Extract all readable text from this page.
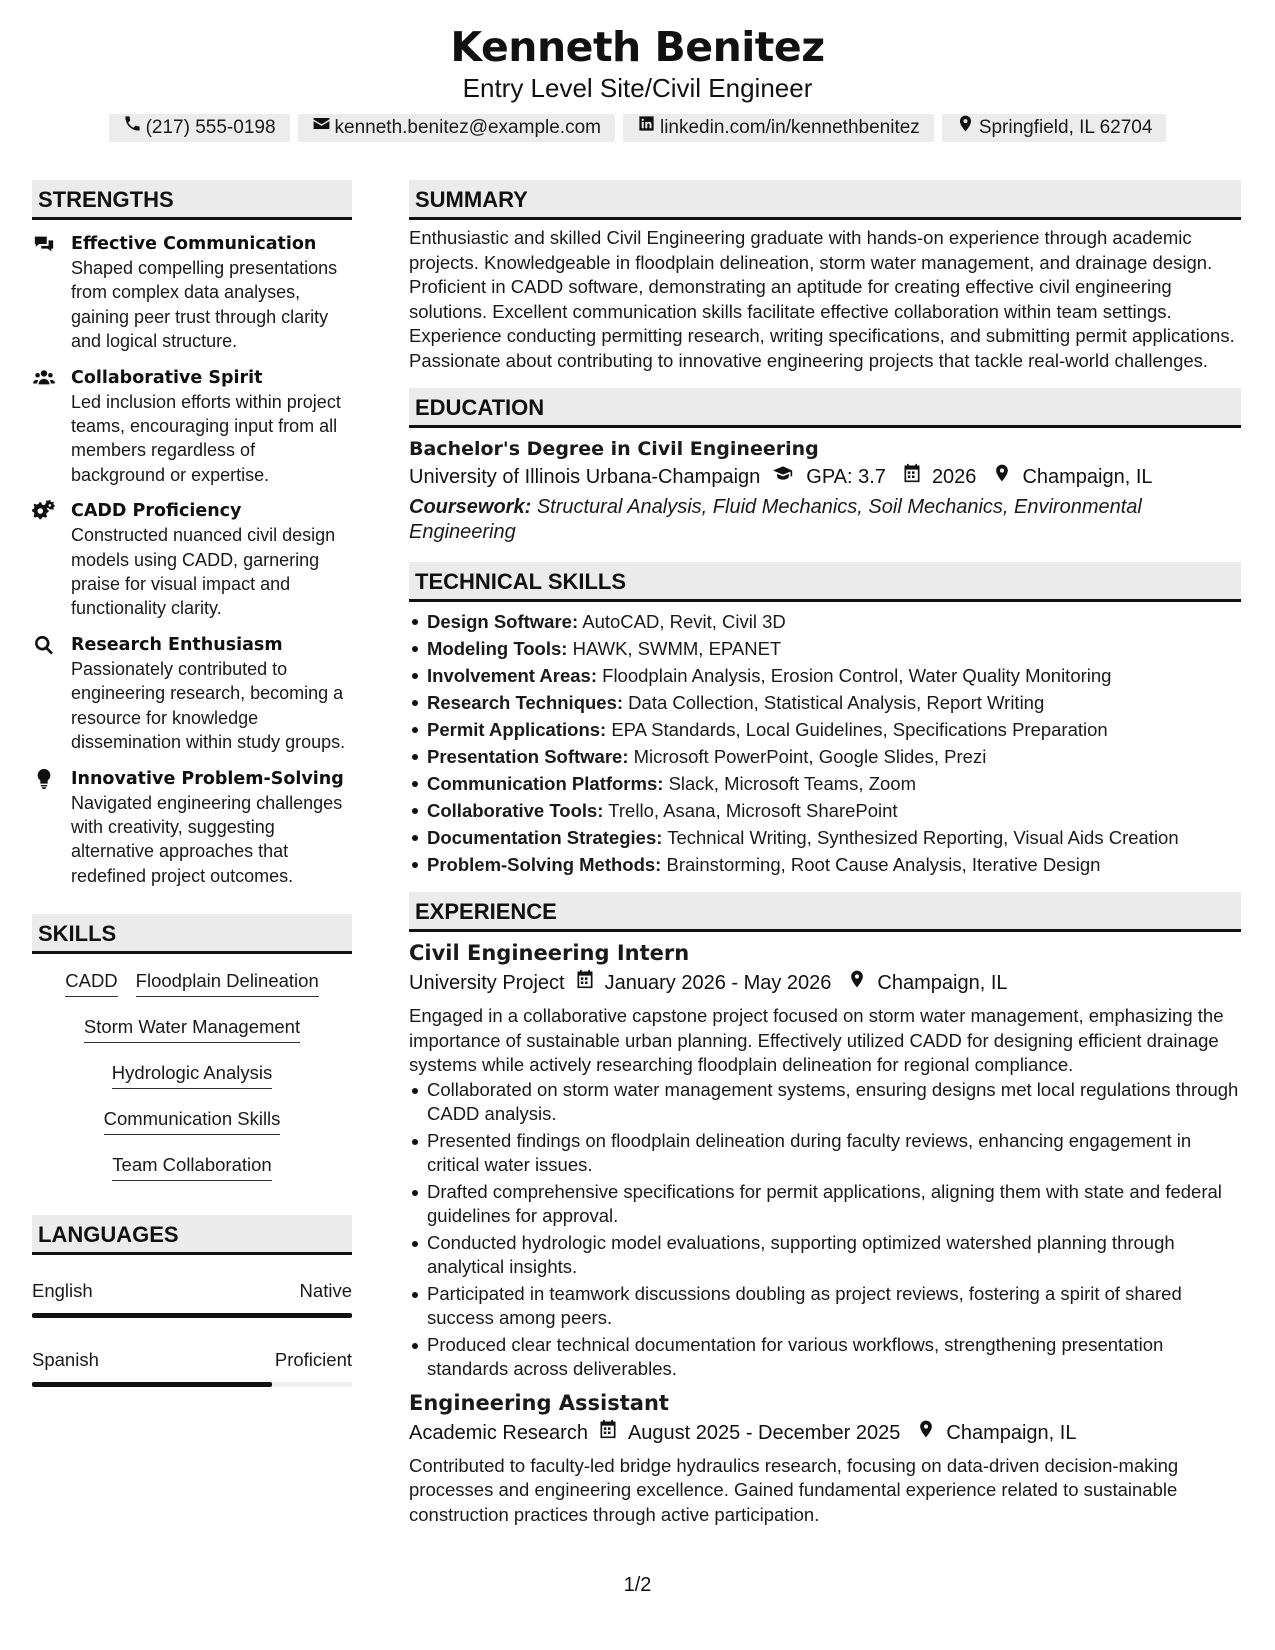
Kenneth Benitez
Entry Level Site/Civil Engineer
(217) 555-0198	kenneth.benitez@example.com	linkedin.com/in/kennethbenitez	Springfield, IL 62704
STRENGTHS
Effective Communication
Shaped compelling presentations from complex data analyses, gaining peer trust through clarity and logical structure.
Collaborative Spirit
Led inclusion efforts within project teams, encouraging input from all members regardless of background or expertise.
CADD Proficiency
Constructed nuanced civil design models using CADD, garnering praise for visual impact and functionality clarity.
Research Enthusiasm
Passionately contributed to engineering research, becoming a resource for knowledge dissemination within study groups.
Innovative Problem-Solving
Navigated engineering challenges with creativity, suggesting alternative approaches that redefined project outcomes.
SKILLS
CADD Floodplain Delineation
Storm Water Management
Hydrologic Analysis
Communication Skills
Team Collaboration
LANGUAGES
English	Native
Spanish	Proficient
SUMMARY
Enthusiastic and skilled Civil Engineering graduate with hands-on experience through academic projects. Knowledgeable in floodplain delineation, storm water management, and drainage design. Proficient in CADD software, demonstrating an aptitude for creating effective civil engineering solutions. Excellent communication skills facilitate effective collaboration within team settings. Experience conducting permitting research, writing specifications, and submitting permit applications. Passionate about contributing to innovative engineering projects that tackle real-world challenges.
EDUCATION
Bachelor's Degree in Civil Engineering
University of Illinois Urbana-Champaign GPA: 3.7 2026 Champaign, IL
Coursework: Structural Analysis, Fluid Mechanics, Soil Mechanics, Environmental Engineering
TECHNICAL SKILLS
Design Software: AutoCAD, Revit, Civil 3D
Modeling Tools: HAWK, SWMM, EPANET
Involvement Areas: Floodplain Analysis, Erosion Control, Water Quality Monitoring
Research Techniques: Data Collection, Statistical Analysis, Report Writing
Permit Applications: EPA Standards, Local Guidelines, Specifications Preparation
Presentation Software: Microsoft PowerPoint, Google Slides, Prezi
Communication Platforms: Slack, Microsoft Teams, Zoom
Collaborative Tools: Trello, Asana, Microsoft SharePoint
Documentation Strategies: Technical Writing, Synthesized Reporting, Visual Aids Creation
Problem-Solving Methods: Brainstorming, Root Cause Analysis, Iterative Design
EXPERIENCE
Civil Engineering Intern
University Project January 2026 - May 2026 Champaign, IL
Engaged in a collaborative capstone project focused on storm water management, emphasizing the importance of sustainable urban planning. Effectively utilized CADD for designing efficient drainage systems while actively researching floodplain delineation for regional compliance.
Collaborated on storm water management systems, ensuring designs met local regulations through CADD analysis.
Presented findings on floodplain delineation during faculty reviews, enhancing engagement in critical water issues.
Drafted comprehensive specifications for permit applications, aligning them with state and federal guidelines for approval.
Conducted hydrologic model evaluations, supporting optimized watershed planning through analytical insights.
Participated in teamwork discussions doubling as project reviews, fostering a spirit of shared success among peers.
Produced clear technical documentation for various workflows, strengthening presentation standards across deliverables.
Engineering Assistant
Academic Research August 2025 - December 2025 Champaign, IL
Contributed to faculty-led bridge hydraulics research, focusing on data-driven decision-making processes and engineering excellence. Gained fundamental experience related to sustainable construction practices through active participation.
1/2
